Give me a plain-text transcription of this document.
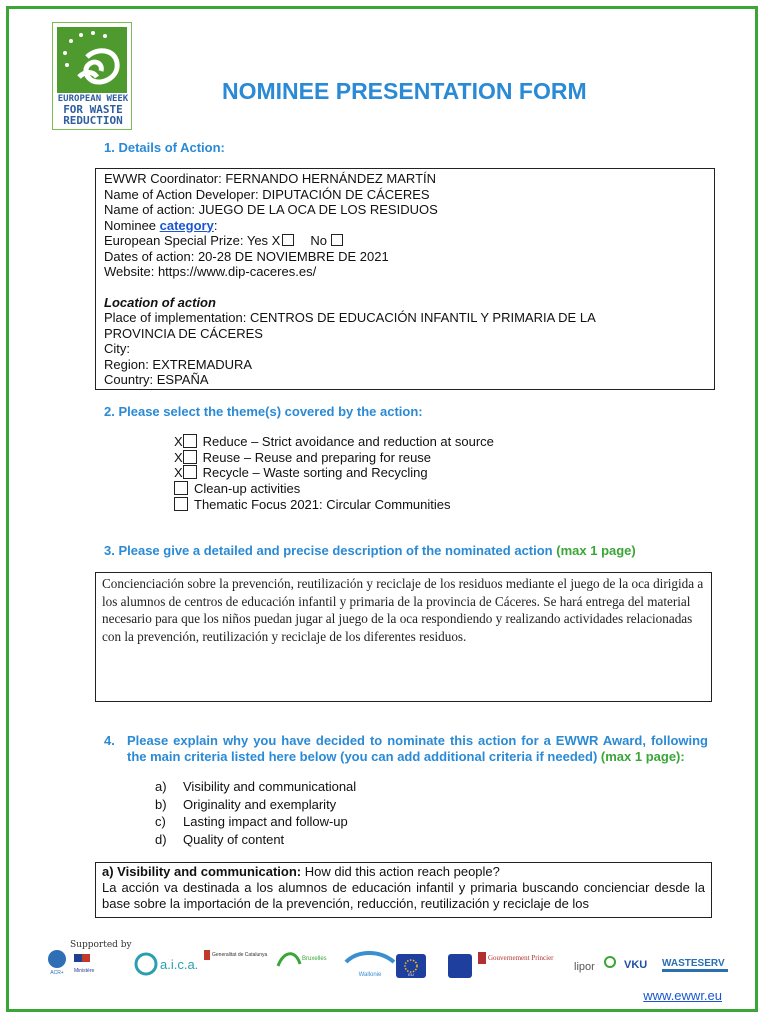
EUROPEAN WEEK
FOR WASTE
REDUCTION
NOMINEE PRESENTATION FORM
1. Details of Action:
EWWR Coordinator: FERNANDO HERNÁNDEZ MARTÍN
Name of Action Developer: DIPUTACIÓN DE CÁCERES
Name of action: JUEGO DE LA OCA DE LOS RESIDUOS
Nominee category:
European Special Prize: Yes X No
Dates of action: 20-28 DE NOVIEMBRE DE 2021
Website: https://www.dip-caceres.es/
Location of action
Place of implementation: CENTROS DE EDUCACIÓN INFANTIL Y PRIMARIA DE LA
PROVINCIA DE CÁCERES
City:
Region: EXTREMADURA
Country: ESPAÑA
2. Please select the theme(s) covered by the action:
X Reduce – Strict avoidance and reduction at source
X Reuse – Reuse and preparing for reuse
X Recycle – Waste sorting and Recycling
Clean-up activities
Thematic Focus 2021: Circular Communities
3. Please give a detailed and precise description of the nominated action (max 1 page)
Concienciación sobre la prevención, reutilización y reciclaje de los residuos mediante el juego de la oca dirigida a los alumnos de centros de educación infantil y primaria de la provincia de Cáceres. Se hará entrega del material necesario para que los niños puedan jugar al juego de la oca respondiendo y realizando actividades relacionadas con la prevención, reutilización y reciclaje de los diferentes residuos.
4. Please explain why you have decided to nominate this action for a EWWR Award, following the main criteria listed here below (you can add additional criteria if needed) (max 1 page):
a) Visibility and communicational
b) Originality and exemplarity
c) Lasting impact and follow-up
d) Quality of content
a) Visibility and communication: How did this action reach people?
La acción va destinada a los alumnos de educación infantil y primaria buscando concienciar desde la base sobre la importación de la prevención, reducción, reutilización y reciclaje de los
Supported by
ACR+ Ministère	a.i.c.a.
Generalitat de Catalunya
Bruxelles
Wallonie	EU
Gouvernement Princier
lipor	VKU WASTESERV
www.ewwr.eu
